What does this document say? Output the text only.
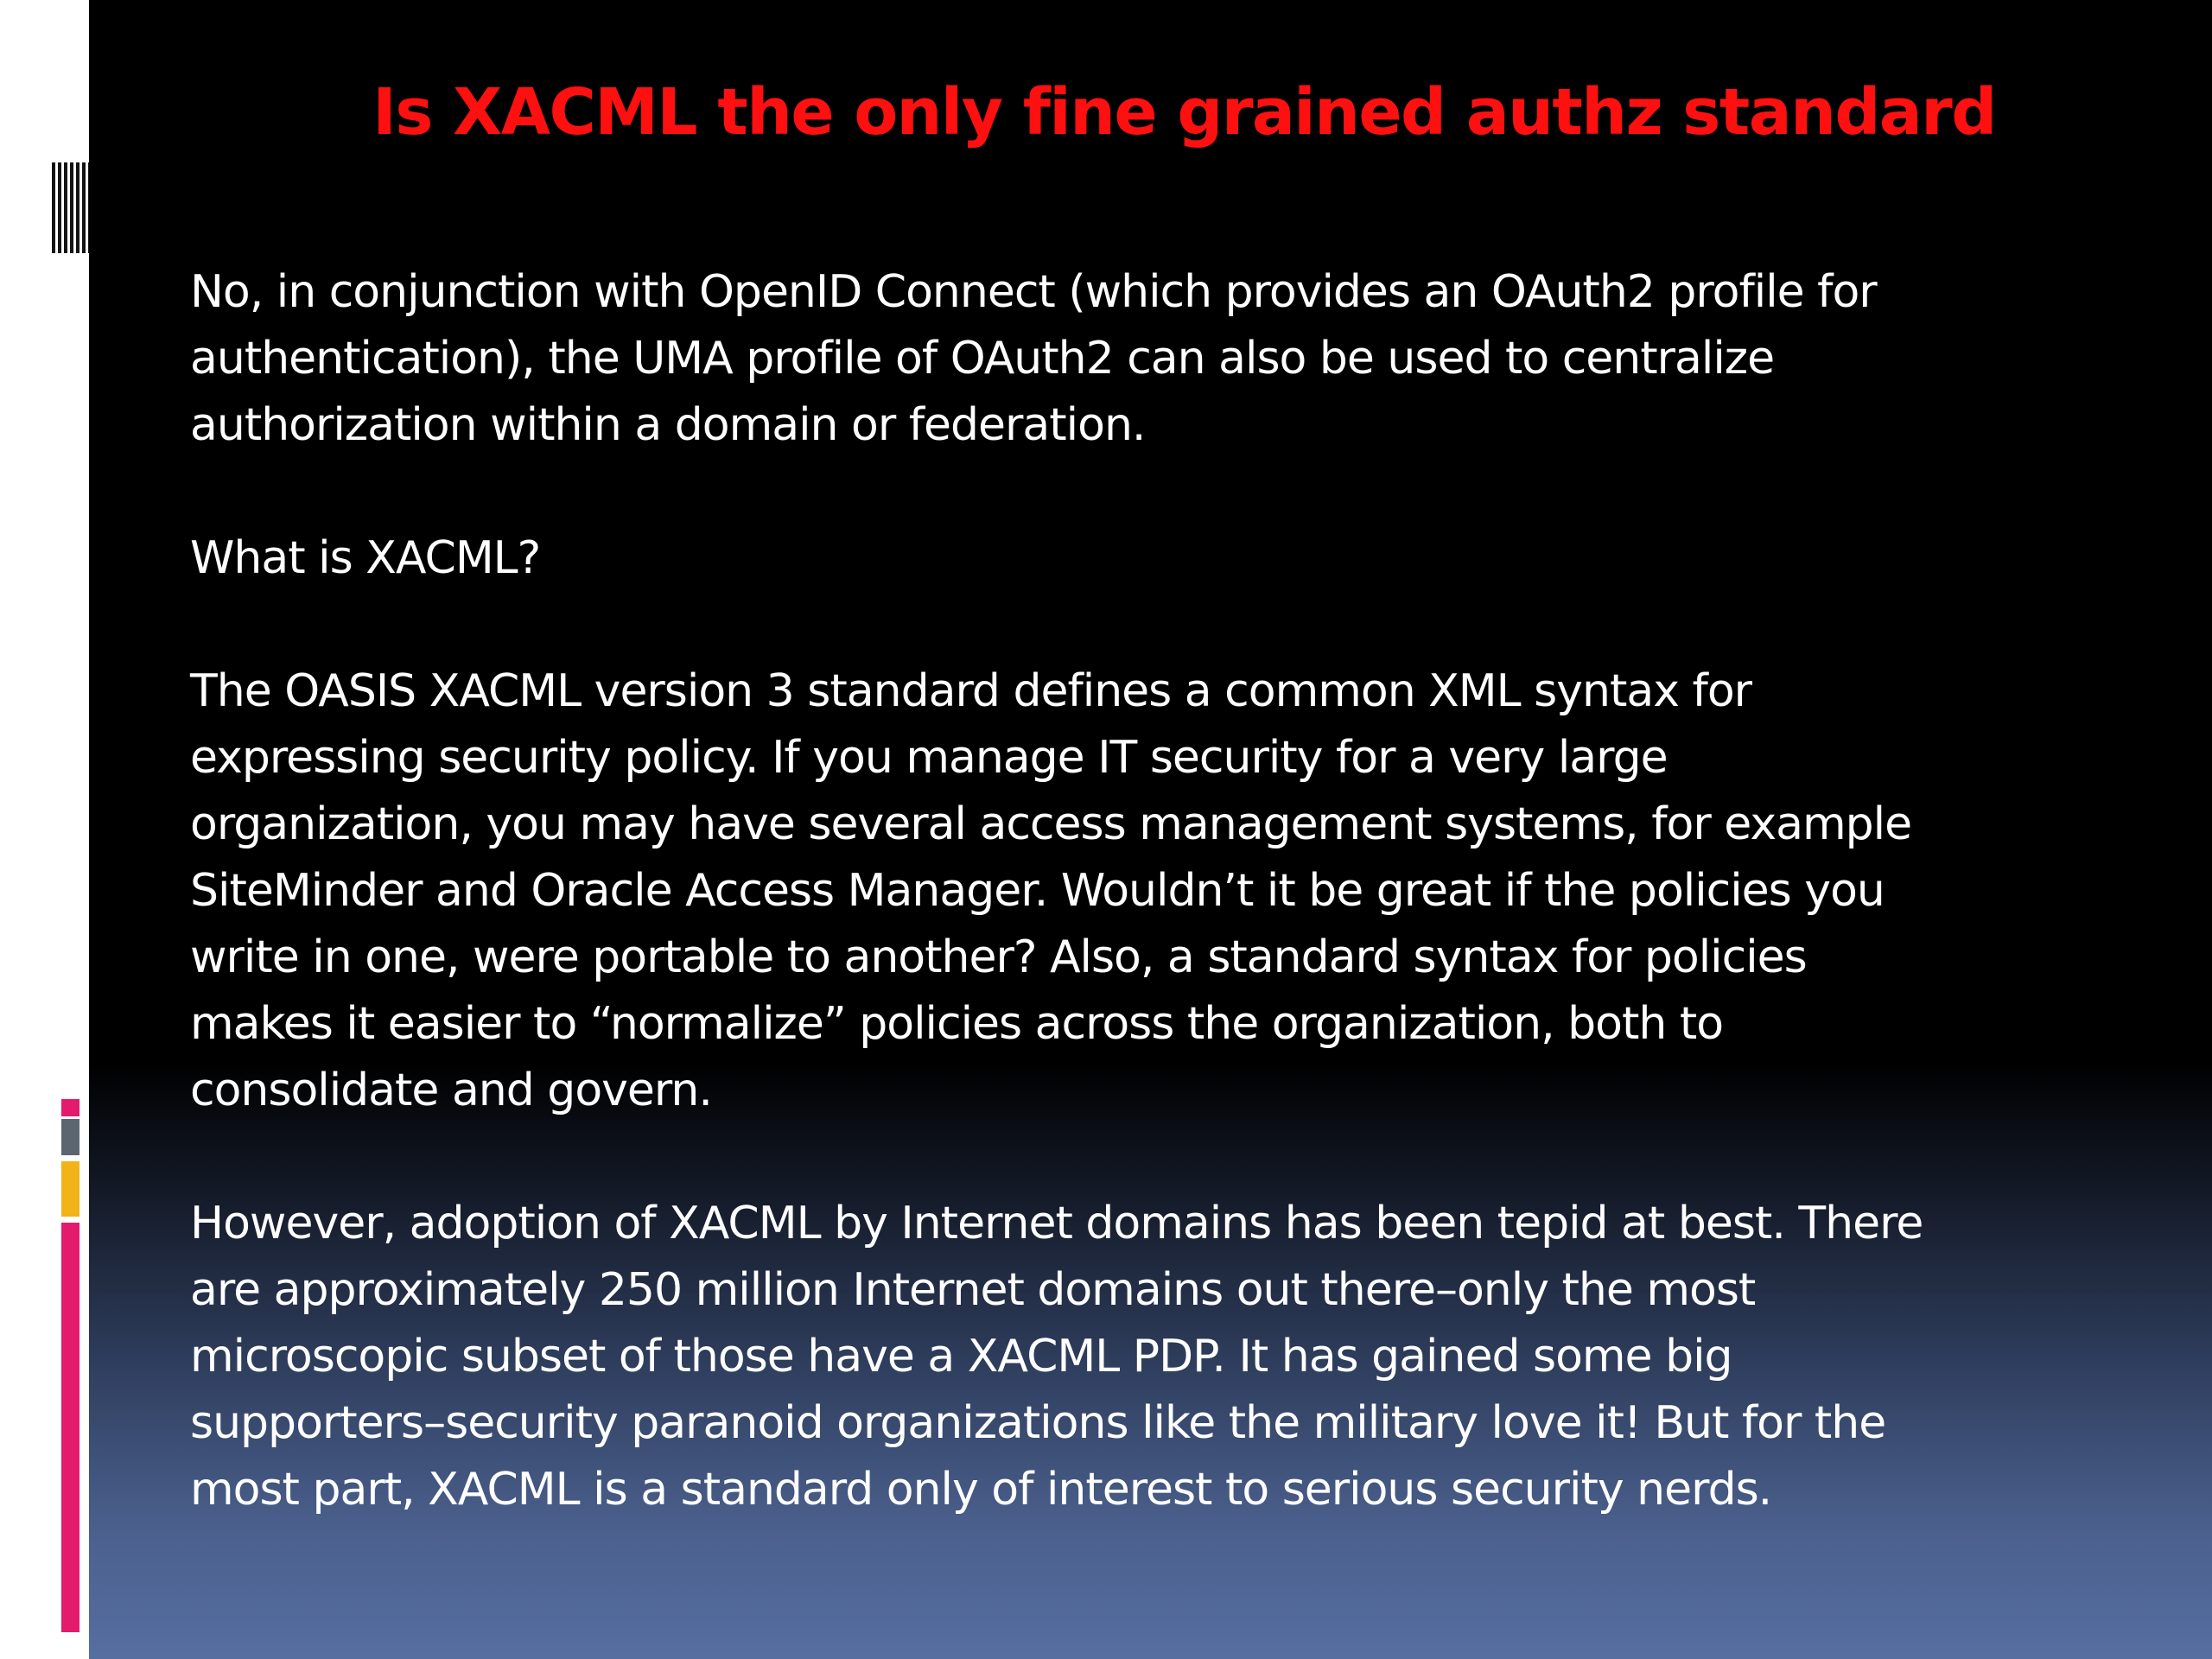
Is XACML the only fine grained authz standard
No, in conjunction with OpenID Connect (which provides an OAuth2 profile for
authentication), the UMA profile of OAuth2 can also be used to centralize
authorization within a domain or federation.
What is XACML?
The OASIS XACML version 3 standard defines a common XML syntax for
expressing security policy. If you manage IT security for a very large
organization, you may have several access management systems, for example
SiteMinder and Oracle Access Manager. Wouldn’t it be great if the policies you
write in one, were portable to another? Also, a standard syntax for policies
makes it easier to “normalize” policies across the organization, both to
consolidate and govern.
However, adoption of XACML by Internet domains has been tepid at best. There
are approximately 250 million Internet domains out there–only the most
microscopic subset of those have a XACML PDP. It has gained some big
supporters–security paranoid organizations like the military love it! But for the
most part, XACML is a standard only of interest to serious security nerds.
